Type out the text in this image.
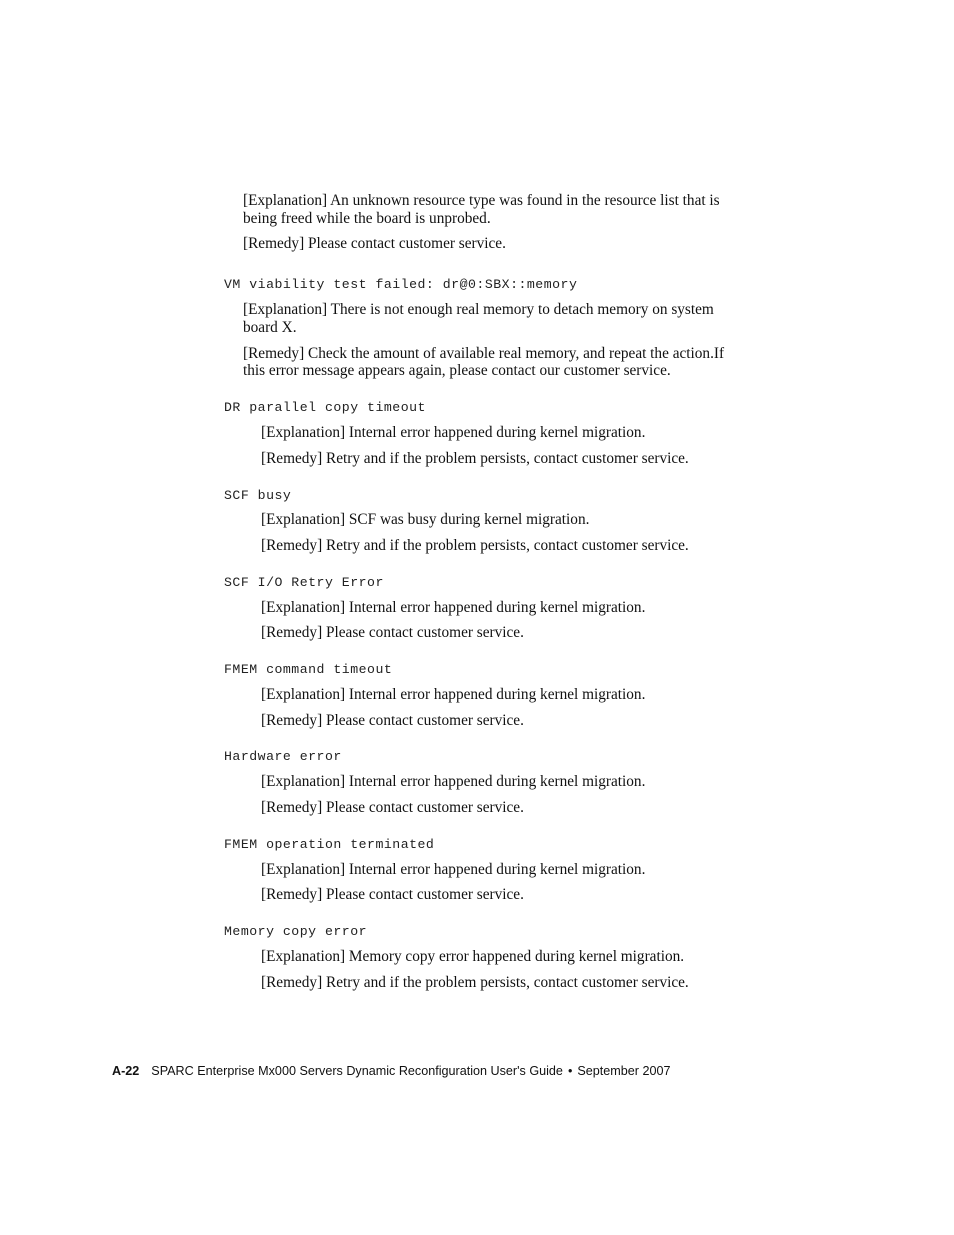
[Explanation] An unknown resource type was found in the resource list that is

being freed while the board is unprobed.

[Remedy] Please contact customer service.

VM viability test failed: dr@0:SBX::memory

[Explanation] There is not enough real memory to detach memory on system

board X.

[Remedy] Check the amount of available real memory, and repeat the action.If

this error message appears again, please contact our customer service.

DR parallel copy timeout

[Explanation] Internal error happened during kernel migration.

[Remedy] Retry and if the problem persists, contact customer service.

SCF busy

[Explanation] SCF was busy during kernel migration.

[Remedy] Retry and if the problem persists, contact customer service.

SCF I/O Retry Error

[Explanation] Internal error happened during kernel migration.

[Remedy] Please contact customer service.

FMEM command timeout

[Explanation] Internal error happened during kernel migration.

[Remedy] Please contact customer service.

Hardware error

[Explanation] Internal error happened during kernel migration.

[Remedy] Please contact customer service.

FMEM operation terminated

[Explanation] Internal error happened during kernel migration.

[Remedy] Please contact customer service.

Memory copy error

[Explanation] Memory copy error happened during kernel migration.

[Remedy] Retry and if the problem persists, contact customer service.

A-22 SPARC Enterprise Mx000 Servers Dynamic Reconfiguration User's Guide • September 2007
